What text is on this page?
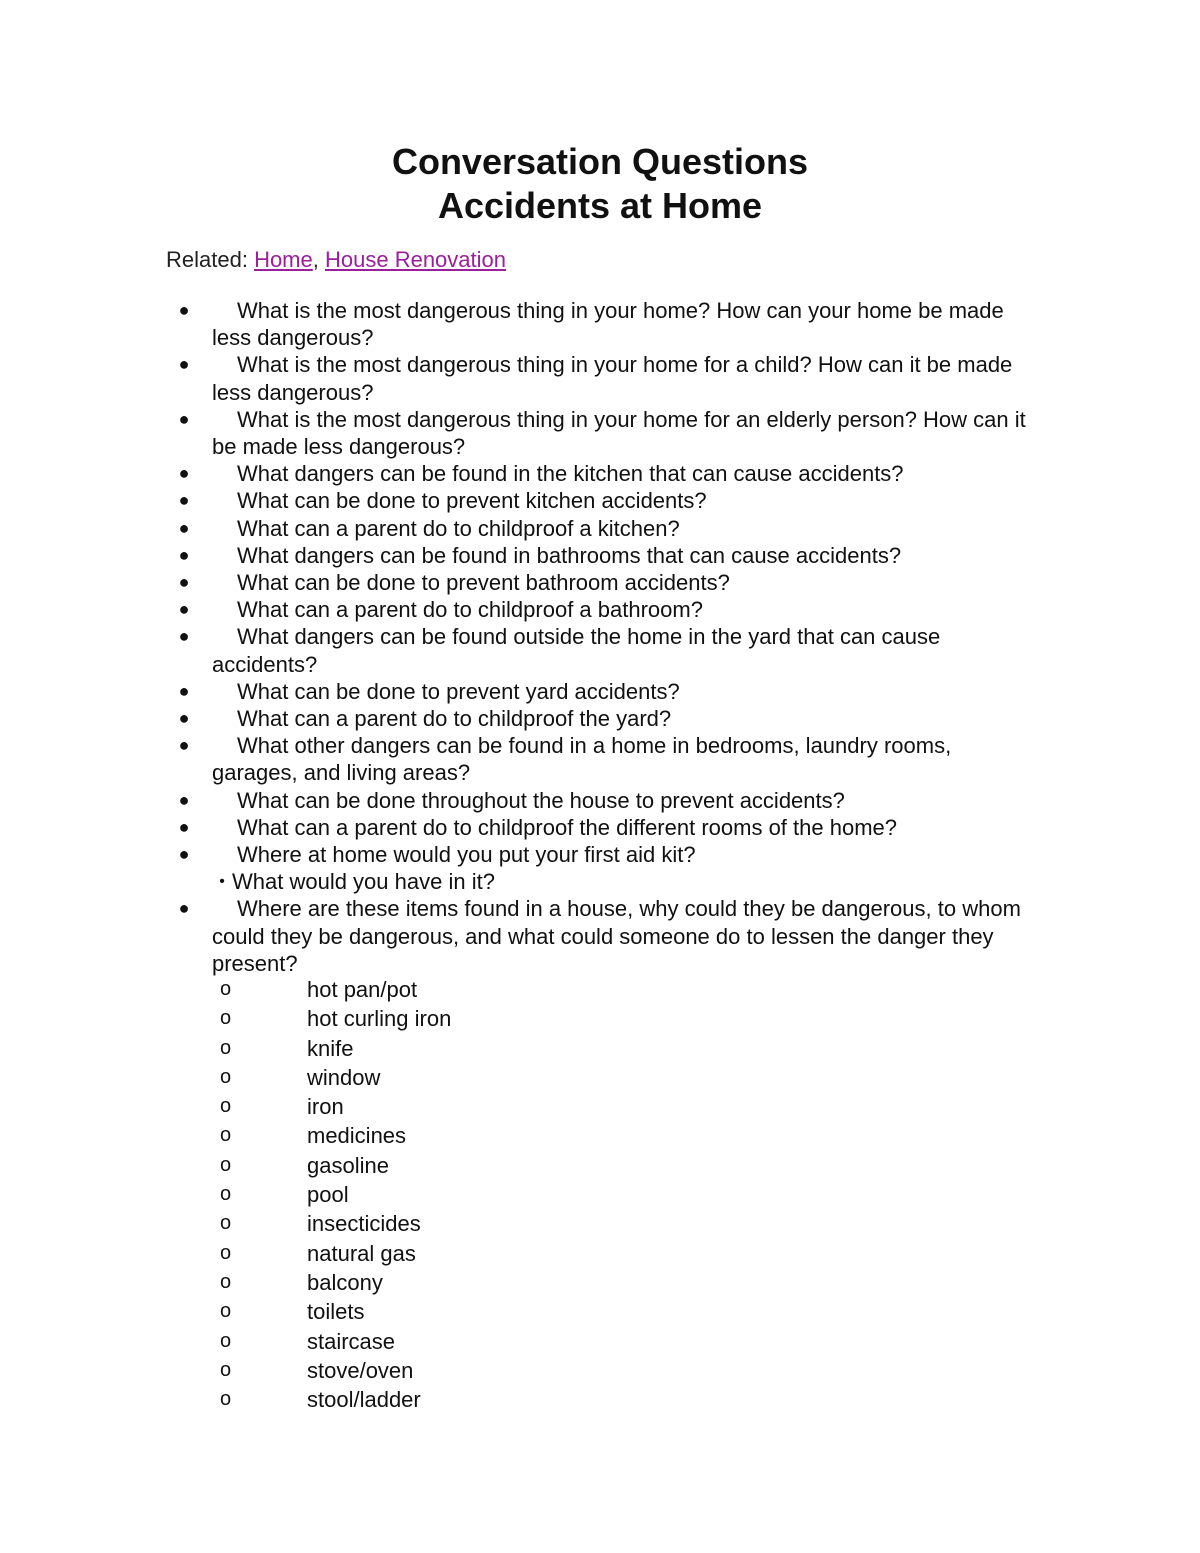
Conversation Questions
Accidents at Home
Related: Home, House Renovation
●	What is the most dangerous thing in your home? How can your home be made less dangerous?
●	What is the most dangerous thing in your home for a child? How can it be made less dangerous?
●	What is the most dangerous thing in your home for an elderly person? How can it be made less dangerous?
●	What dangers can be found in the kitchen that can cause accidents?
●	What can be done to prevent kitchen accidents?
●	What can a parent do to childproof a kitchen?
●	What dangers can be found in bathrooms that can cause accidents?
●	What can be done to prevent bathroom accidents?
●	What can a parent do to childproof a bathroom?
●	What dangers can be found outside the home in the yard that can cause accidents?
●	What can be done to prevent yard accidents?
●	What can a parent do to childproof the yard?
●	What other dangers can be found in a home in bedrooms, laundry rooms, garages, and living areas?
●	What can be done throughout the house to prevent accidents?
●	What can a parent do to childproof the different rooms of the home?
●	Where at home would you put your first aid kit?
• What would you have in it?
●	Where are these items found in a house, why could they be dangerous, to whom could they be dangerous, and what could someone do to lessen the danger they present?
o	hot pan/pot
o	hot curling iron
o	knife
o	window
o	iron
o	medicines
o	gasoline
o	pool
o	insecticides
o	natural gas
o	balcony
o	toilets
o	staircase
o	stove/oven
o	stool/ladder
